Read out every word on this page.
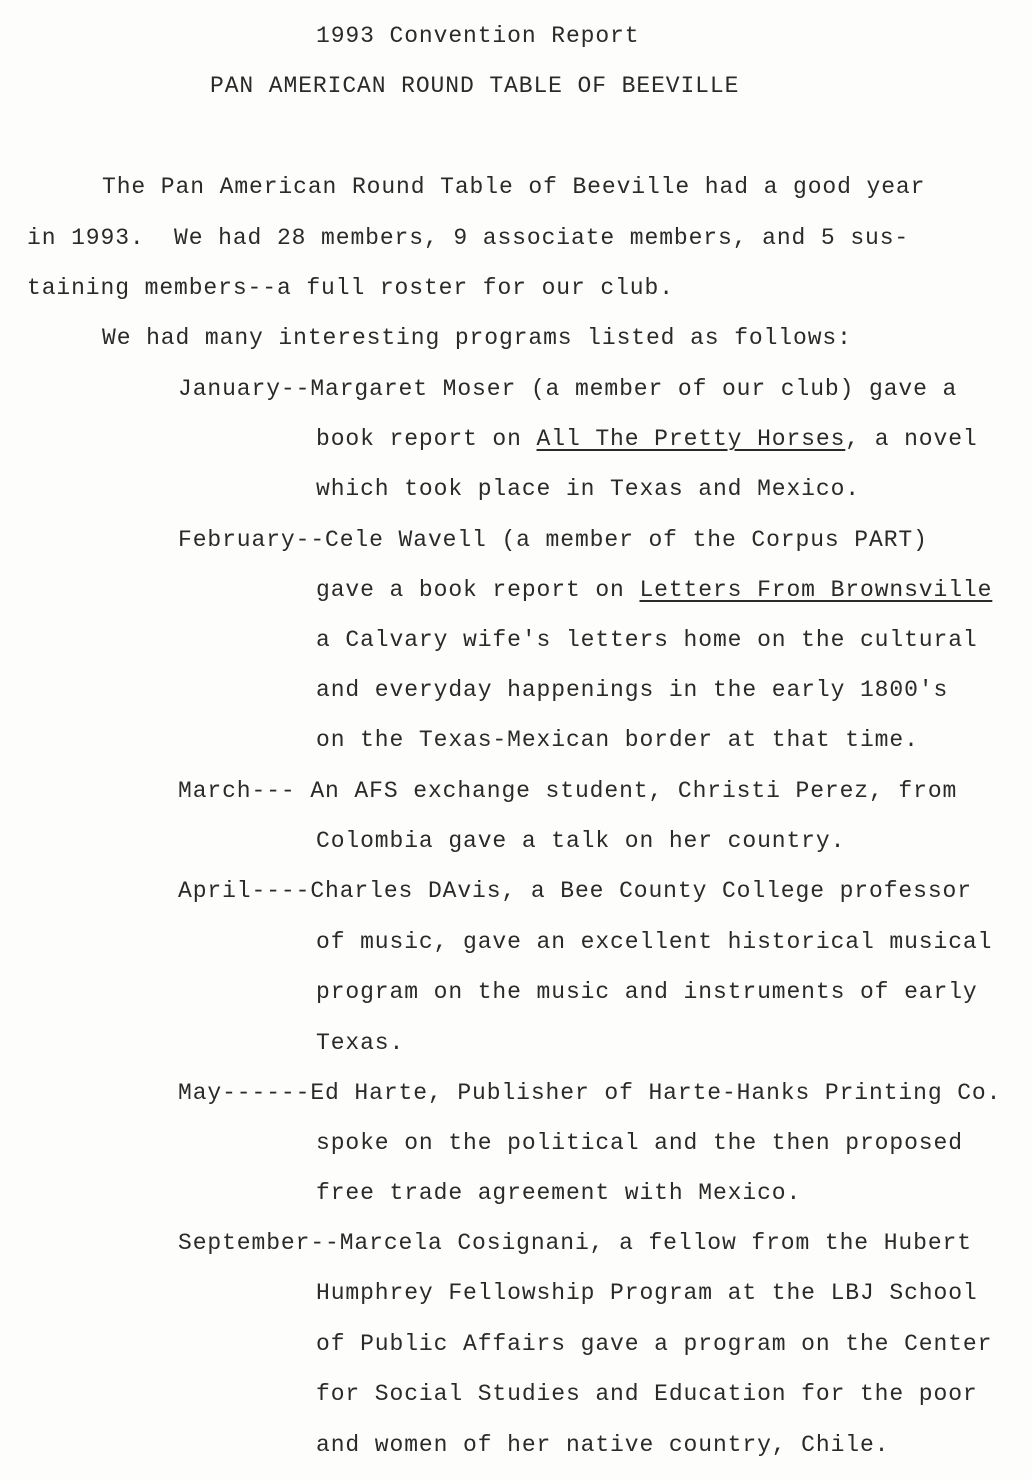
1993 Convention Report

PAN AMERICAN ROUND TABLE OF BEEVILLE

The Pan American Round Table of Beeville had a good year

in 1993.  We had 28 members, 9 associate members, and 5 sus-

taining members--a full roster for our club.

We had many interesting programs listed as follows:

January--Margaret Moser (a member of our club) gave a

book report on All The Pretty Horses, a novel

which took place in Texas and Mexico.

February--Cele Wavell (a member of the Corpus PART)

gave a book report on Letters From Brownsville

a Calvary wife's letters home on the cultural

and everyday happenings in the early 1800's

on the Texas-Mexican border at that time.

March--- An AFS exchange student, Christi Perez, from

Colombia gave a talk on her country.

April----Charles DAvis, a Bee County College professor

of music, gave an excellent historical musical

program on the music and instruments of early

Texas.

May------Ed Harte, Publisher of Harte-Hanks Printing Co.

spoke on the political and the then proposed

free trade agreement with Mexico.

September--Marcela Cosignani, a fellow from the Hubert

Humphrey Fellowship Program at the LBJ School

of Public Affairs gave a program on the Center

for Social Studies and Education for the poor

and women of her native country, Chile.
